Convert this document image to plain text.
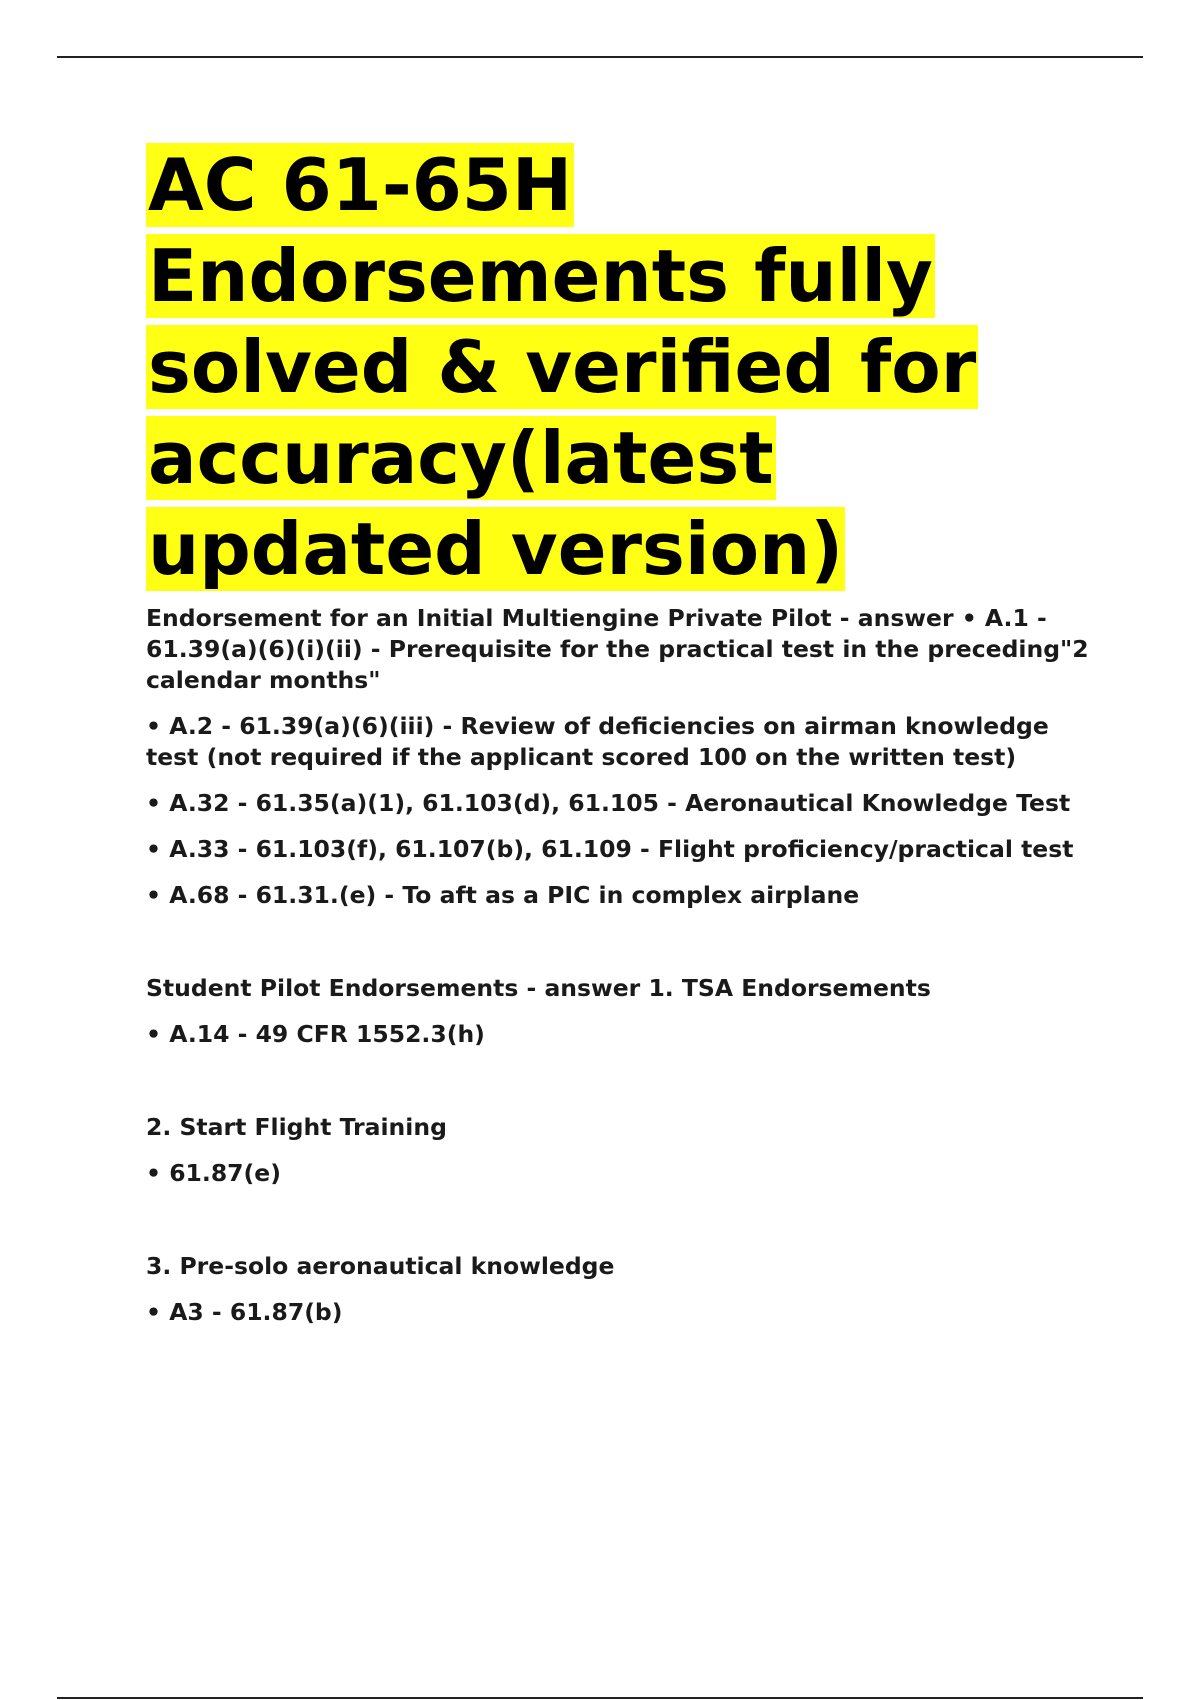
AC 61-65H Endorsements fully solved & verified for accuracy(latest updated version)

Endorsement for an Initial Multiengine Private Pilot - answer • A.1 - 61.39(a)(6)(i)(ii) - Prerequisite for the practical test in the preceding"2 calendar months"

• A.2 - 61.39(a)(6)(iii) - Review of deficiencies on airman knowledge test (not required if the applicant scored 100 on the written test)

• A.32 - 61.35(a)(1), 61.103(d), 61.105 - Aeronautical Knowledge Test

• A.33 - 61.103(f), 61.107(b), 61.109 - Flight proficiency/practical test

• A.68 - 61.31.(e) - To aft as a PIC in complex airplane

Student Pilot Endorsements - answer 1. TSA Endorsements

• A.14 - 49 CFR 1552.3(h)

2. Start Flight Training

• 61.87(e)

3. Pre-solo aeronautical knowledge

• A3 - 61.87(b)
